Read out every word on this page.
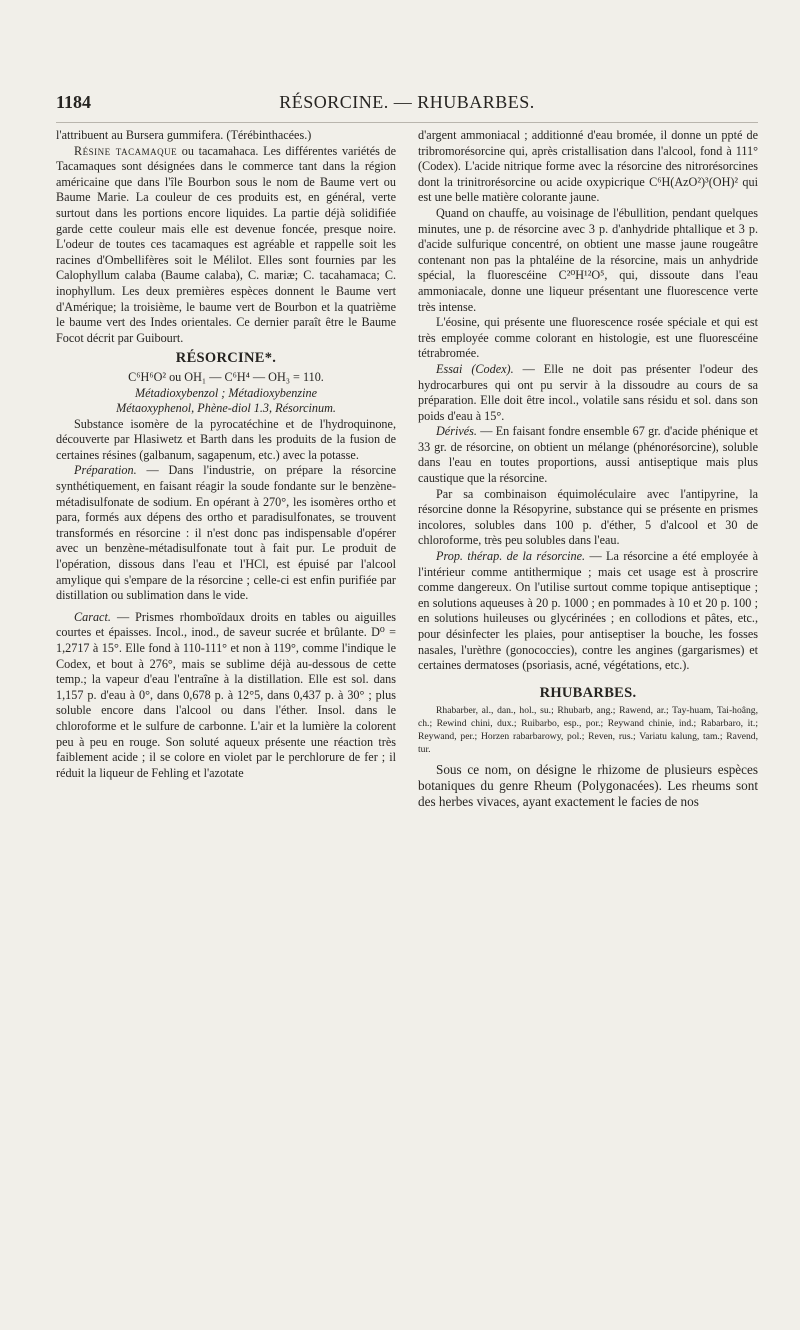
1184	RÉSORCINE. — RHUBARBES.

l'attribuent au Bursera gummifera. (Térébinthacées.)

Résine tacamaque ou tacamahaca. Les différentes variétés de Tacamaques sont désignées dans le commerce tant dans la région américaine que dans l'île Bourbon sous le nom de Baume vert ou Baume Marie. La couleur de ces produits est, en général, verte surtout dans les portions encore liquides. La partie déjà solidifiée garde cette couleur mais elle est devenue foncée, presque noire. L'odeur de toutes ces tacamaques est agréable et rappelle soit les racines d'Ombellifères soit le Mélilot. Elles sont fournies par les Calophyllum calaba (Baume calaba), C. mariæ; C. tacahamaca; C. inophyllum. Les deux premières espèces donnent le Baume vert d'Amérique; la troisième, le baume vert de Bourbon et la quatrième le baume vert des Indes orientales. Ce dernier paraît être le Baume Focot décrit par Guibourt.

RÉSORCINE*.

C⁶H⁶O² ou OH₁ — C⁶H⁴ — OH₃ = 110.

Métadioxybenzol ; Métadioxybenzine

Métaoxyphenol, Phène-diol 1.3, Résorcinum.

Substance isomère de la pyrocatéchine et de l'hydroquinone, découverte par Hlasiwetz et Barth dans les produits de la fusion de certaines résines (galbanum, sagapenum, etc.) avec la potasse.

Préparation. — Dans l'industrie, on prépare la résorcine synthétiquement, en faisant réagir la soude fondante sur le benzène-métadisulfonate de sodium. En opérant à 270°, les isomères ortho et para, formés aux dépens des ortho et paradisulfonates, se trouvent transformés en résorcine : il n'est donc pas indispensable d'opérer avec un benzène-métadisulfonate tout à fait pur. Le produit de l'opération, dissous dans l'eau et l'HCl, est épuisé par l'alcool amylique qui s'empare de la résorcine ; celle-ci est enfin purifiée par distillation ou sublimation dans le vide.

Caract. — Prismes rhomboïdaux droits en tables ou aiguilles courtes et épaisses. Incol., inod., de saveur sucrée et brûlante. D⁰ = 1,2717 à 15°. Elle fond à 110-111° et non à 119°, comme l'indique le Codex, et bout à 276°, mais se sublime déjà au-dessous de cette temp.; la vapeur d'eau l'entraîne à la distillation. Elle est sol. dans 1,157 p. d'eau à 0°, dans 0,678 p. à 12°5, dans 0,437 p. à 30° ; plus soluble encore dans l'alcool ou dans l'éther. Insol. dans le chloroforme et le sulfure de carbonne. L'air et la lumière la colorent peu à peu en rouge. Son soluté aqueux présente une réaction très faiblement acide ; il se colore en violet par le perchlorure de fer ; il réduit la liqueur de Fehling et l'azotate

d'argent ammoniacal ; additionné d'eau bromée, il donne un ppté de tribromorésorcine qui, après cristallisation dans l'alcool, fond à 111° (Codex). L'acide nitrique forme avec la résorcine des nitrorésorcines dont la trinitrorésorcine ou acide oxypicrique C⁶H(AzO²)³(OH)² qui est une belle matière colorante jaune.

Quand on chauffe, au voisinage de l'ébullition, pendant quelques minutes, une p. de résorcine avec 3 p. d'anhydride phtallique et 3 p. d'acide sulfurique concentré, on obtient une masse jaune rougeâtre contenant non pas la phtaléine de la résorcine, mais un anhydride spécial, la fluorescéine C²⁰H¹²O⁵, qui, dissoute dans l'eau ammoniacale, donne une liqueur présentant une fluorescence verte très intense.

L'éosine, qui présente une fluorescence rosée spéciale et qui est très employée comme colorant en histologie, est une fluorescéine tétrabromée.

Essai (Codex). — Elle ne doit pas présenter l'odeur des hydrocarbures qui ont pu servir à la dissoudre au cours de sa préparation. Elle doit être incol., volatile sans résidu et sol. dans son poids d'eau à 15°.

Dérivés. — En faisant fondre ensemble 67 gr. d'acide phénique et 33 gr. de résorcine, on obtient un mélange (phénorésorcine), soluble dans l'eau en toutes proportions, aussi antiseptique mais plus caustique que la résorcine.

Par sa combinaison équimoléculaire avec l'antipyrine, la résorcine donne la Résopyrine, substance qui se présente en prismes incolores, solubles dans 100 p. d'éther, 5 d'alcool et 30 de chloroforme, très peu solubles dans l'eau.

Prop. thérap. de la résorcine. — La résorcine a été employée à l'intérieur comme antithermique ; mais cet usage est à proscrire comme dangereux. On l'utilise surtout comme topique antiseptique ; en solutions aqueuses à 20 p. 1000 ; en pommades à 10 et 20 p. 100 ; en solutions huileuses ou glycérinées ; en collodions et pâtes, etc., pour désinfecter les plaies, pour antiseptiser la bouche, les fosses nasales, l'urèthre (gonococcies), contre les angines (gargarismes) et certaines dermatoses (psoriasis, acné, végétations, etc.).

RHUBARBES.

Rhabarber, al., dan., hol., su.; Rhubarb, ang.; Rawend, ar.; Tay-huam, Tai-hoâng, ch.; Rewind chini, dux.; Ruibarbo, esp., por.; Reywand chinie, ind.; Rabarbaro, it.; Reywand, per.; Horzen rabarbarowy, pol.; Reven, rus.; Variatu kalung, tam.; Ravend, tur.

Sous ce nom, on désigne le rhizome de plusieurs espèces botaniques du genre Rheum (Polygonacées). Les rheums sont des herbes vivaces, ayant exactement le facies de nos
